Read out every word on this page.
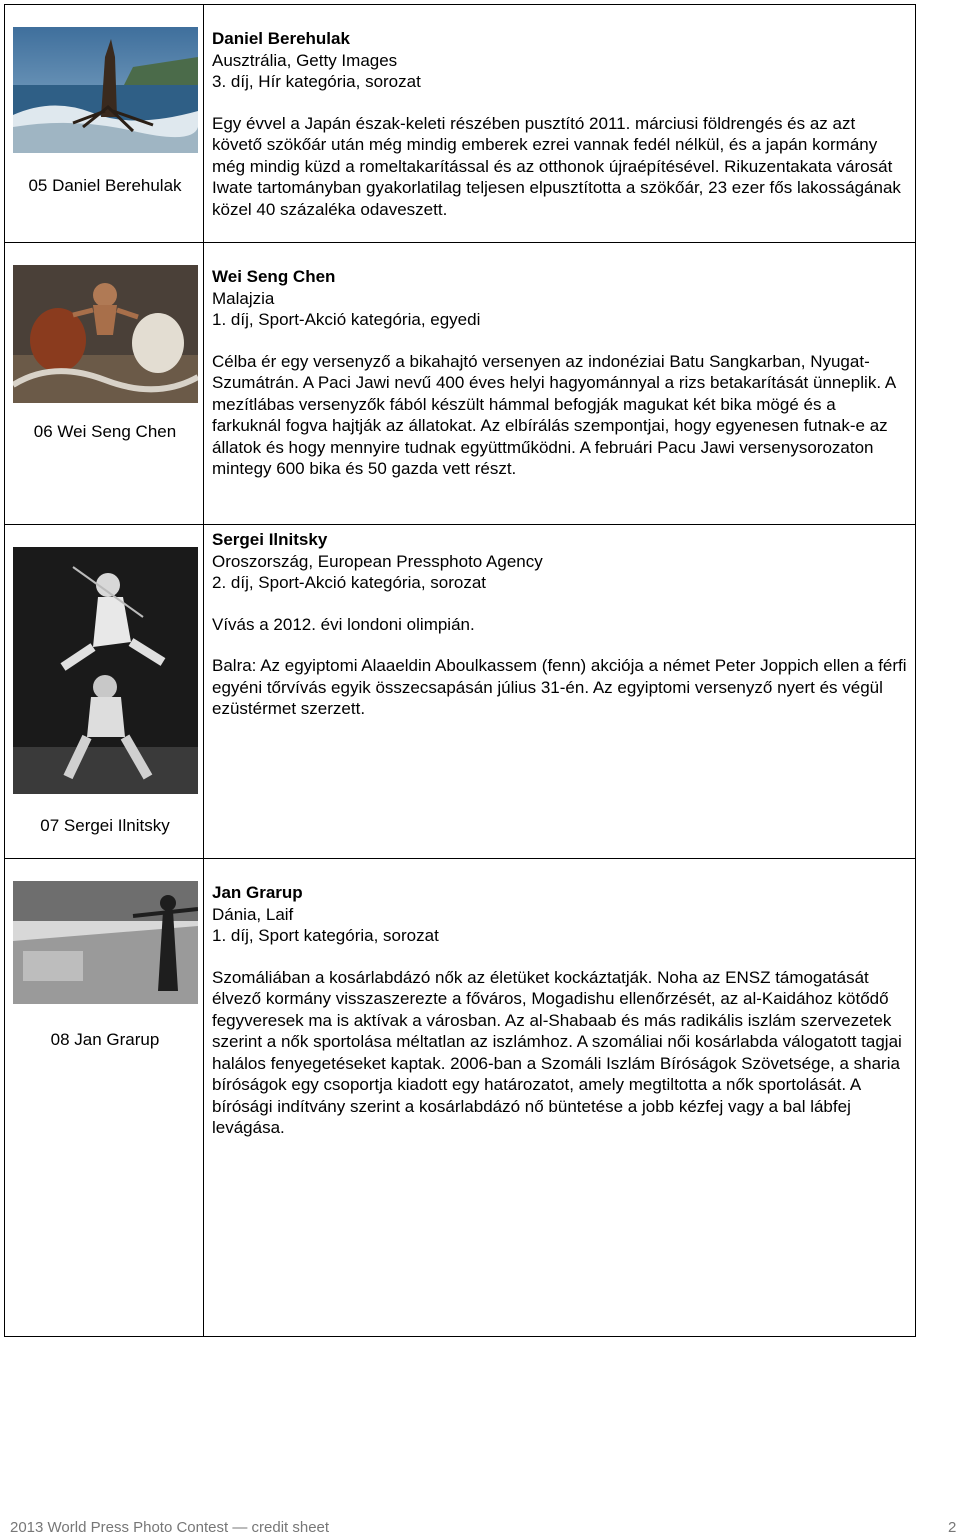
05 Daniel Berehulak
Daniel Berehulak
Ausztrália, Getty Images
3. díj, Hír kategória, sorozat

Egy évvel a Japán észak-keleti részében pusztító 2011. márciusi földrengés és az azt követő szökőár után még mindig emberek ezrei vannak fedél nélkül, és a japán kormány még mindig küzd a romeltakarítással és az otthonok újraépítésével. Rikuzentakata városát Iwate tartományban gyakorlatilag teljesen elpusztította a szökőár, 23 ezer fős lakosságának közel 40 százaléka odaveszett.

06 Wei Seng Chen
Wei Seng Chen
Malajzia
1. díj, Sport-Akció kategória, egyedi

Célba ér egy versenyző a bikahajtó versenyen az indonéziai Batu Sangkarban, Nyugat-Szumátrán. A Paci Jawi nevű 400 éves helyi hagyománnyal a rizs betakarítását ünneplik. A mezítlábas versenyzők fából készült hámmal befogják magukat két bika mögé és a farkuknál fogva hajtják az állatokat. Az elbírálás szempontjai, hogy egyenesen futnak-e az állatok és hogy mennyire tudnak együttműködni. A februári Pacu Jawi versenysorozaton mintegy 600 bika és 50 gazda vett részt.

07 Sergei Ilnitsky
Sergei Ilnitsky
Oroszország, European Pressphoto Agency
2. díj, Sport-Akció kategória, sorozat

Vívás a 2012. évi londoni olimpián.

Balra: Az egyiptomi Alaaeldin Aboulkassem (fenn) akciója a német Peter Joppich ellen a férfi egyéni tőrvívás egyik összecsapásán július 31-én. Az egyiptomi versenyző nyert és végül ezüstérmet szerzett.

08 Jan Grarup
Jan Grarup
Dánia, Laif
1. díj, Sport kategória, sorozat

Szomáliában a kosárlabdázó nők az életüket kockáztatják. Noha az ENSZ támogatását élvező kormány visszaszerezte a főváros, Mogadishu ellenőrzését, az al-Kaidához kötődő fegyveresek ma is aktívak a városban. Az al-Shabaab és más radikális iszlám szervezetek szerint a nők sportolása méltatlan az iszlámhoz. A szomáliai női kosárlabda válogatott tagjai halálos fenyegetéseket kaptak. 2006-ban a Szomáli Iszlám Bíróságok Szövetsége, a sharia bíróságok egy csoportja kiadott egy határozatot, amely megtiltotta a nők sportolását. A bírósági indítvány szerint a kosárlabdázó nő büntetése a jobb kézfej vagy a bal lábfej levágása.

2013 World Press Photo Contest — credit sheet	2
